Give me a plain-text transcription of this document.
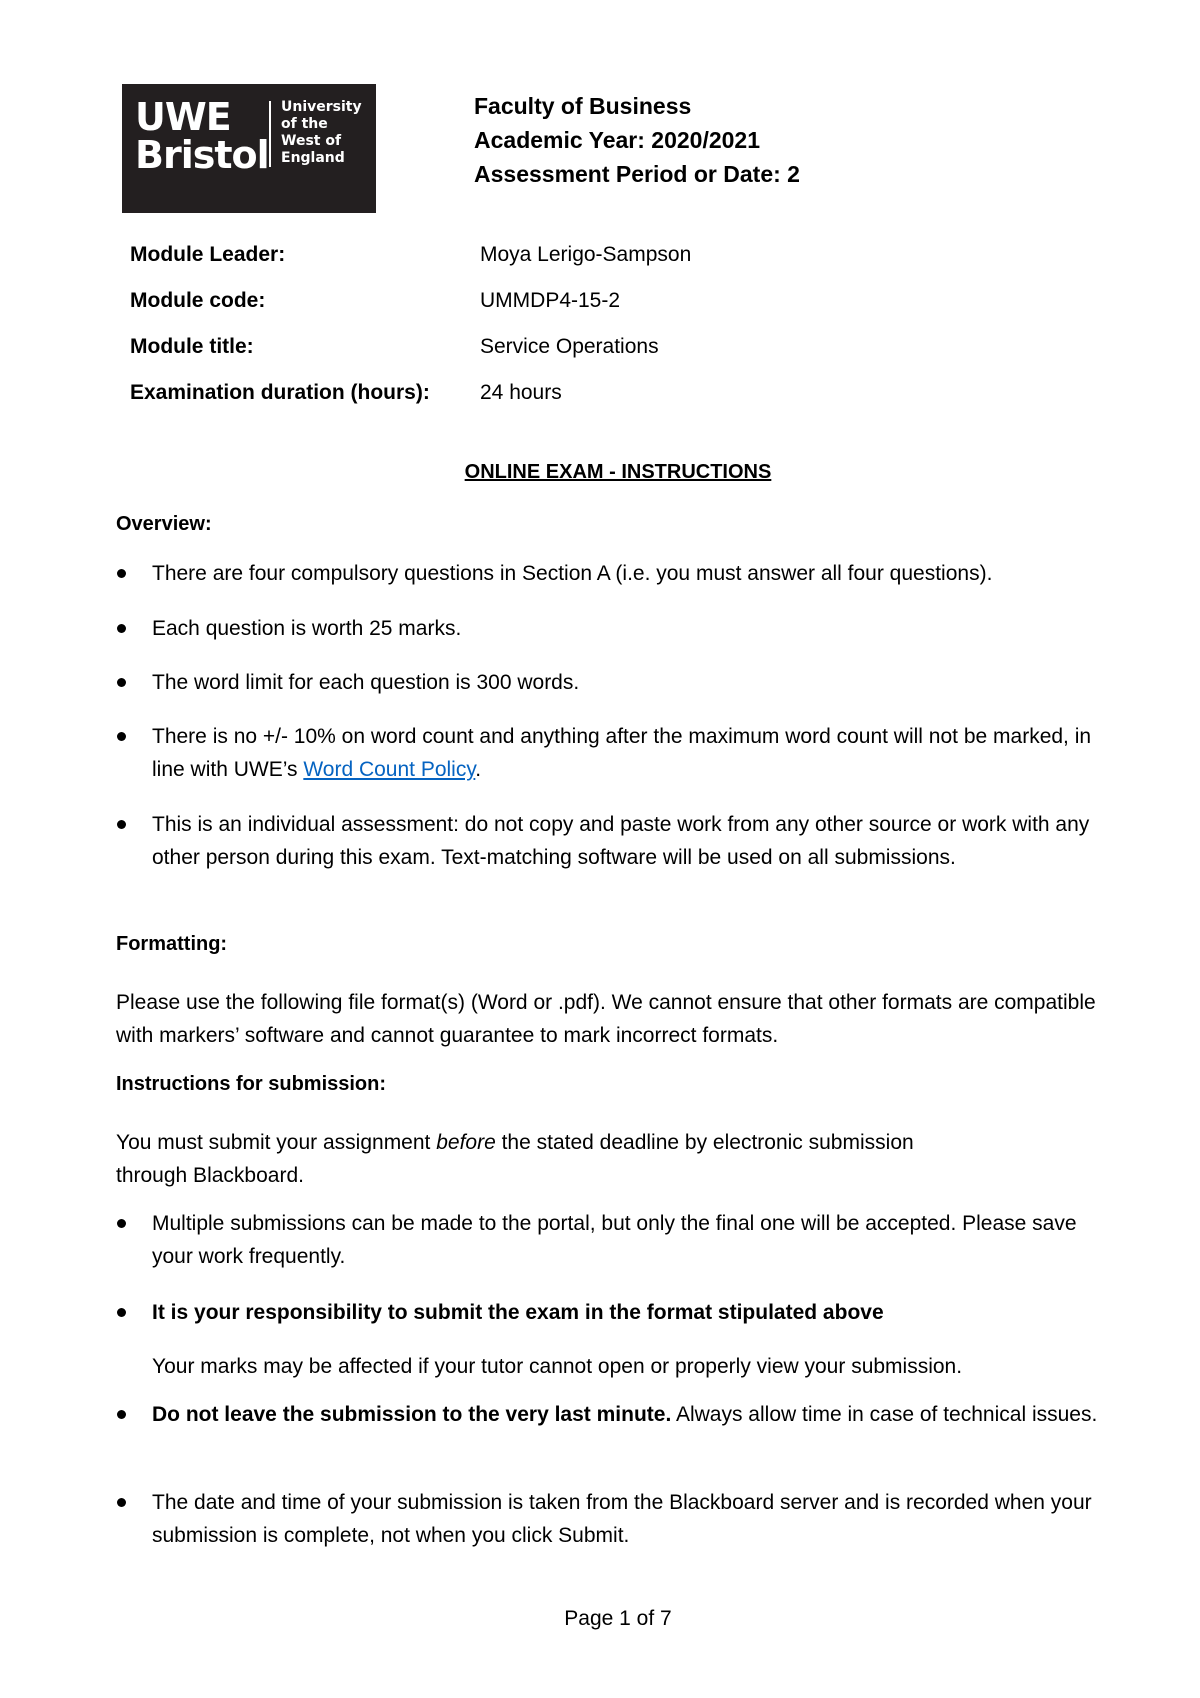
UWE
Bristol
University
of the
West of
England
Faculty of Business
Academic Year: 2020/2021
Assessment Period or Date: 2
Module Leader:	Moya Lerigo-Sampson
Module code:	UMMDP4-15-2
Module title:	Service Operations
Examination duration (hours): 24 hours
ONLINE EXAM - INSTRUCTIONS
Overview:
There are four compulsory questions in Section A (i.e. you must answer all four questions).
Each question is worth 25 marks.
The word limit for each question is 300 words.
There is no +/- 10% on word count and anything after the maximum word count will not be marked, in line with UWE’s Word Count Policy.
This is an individual assessment: do not copy and paste work from any other source or work with any other person during this exam. Text-matching software will be used on all submissions.
Formatting:
Please use the following file format(s) (Word or .pdf). We cannot ensure that other formats are compatible with markers’ software and cannot guarantee to mark incorrect formats.
Instructions for submission:
You must submit your assignment before the stated deadline by electronic submission
through Blackboard.
Multiple submissions can be made to the portal, but only the final one will be accepted. Please save your work frequently.
It is your responsibility to submit the exam in the format stipulated above
Your marks may be affected if your tutor cannot open or properly view your submission.
Do not leave the submission to the very last minute. Always allow time in case of technical issues.
The date and time of your submission is taken from the Blackboard server and is recorded when your submission is complete, not when you click Submit.
Page 1 of 7
